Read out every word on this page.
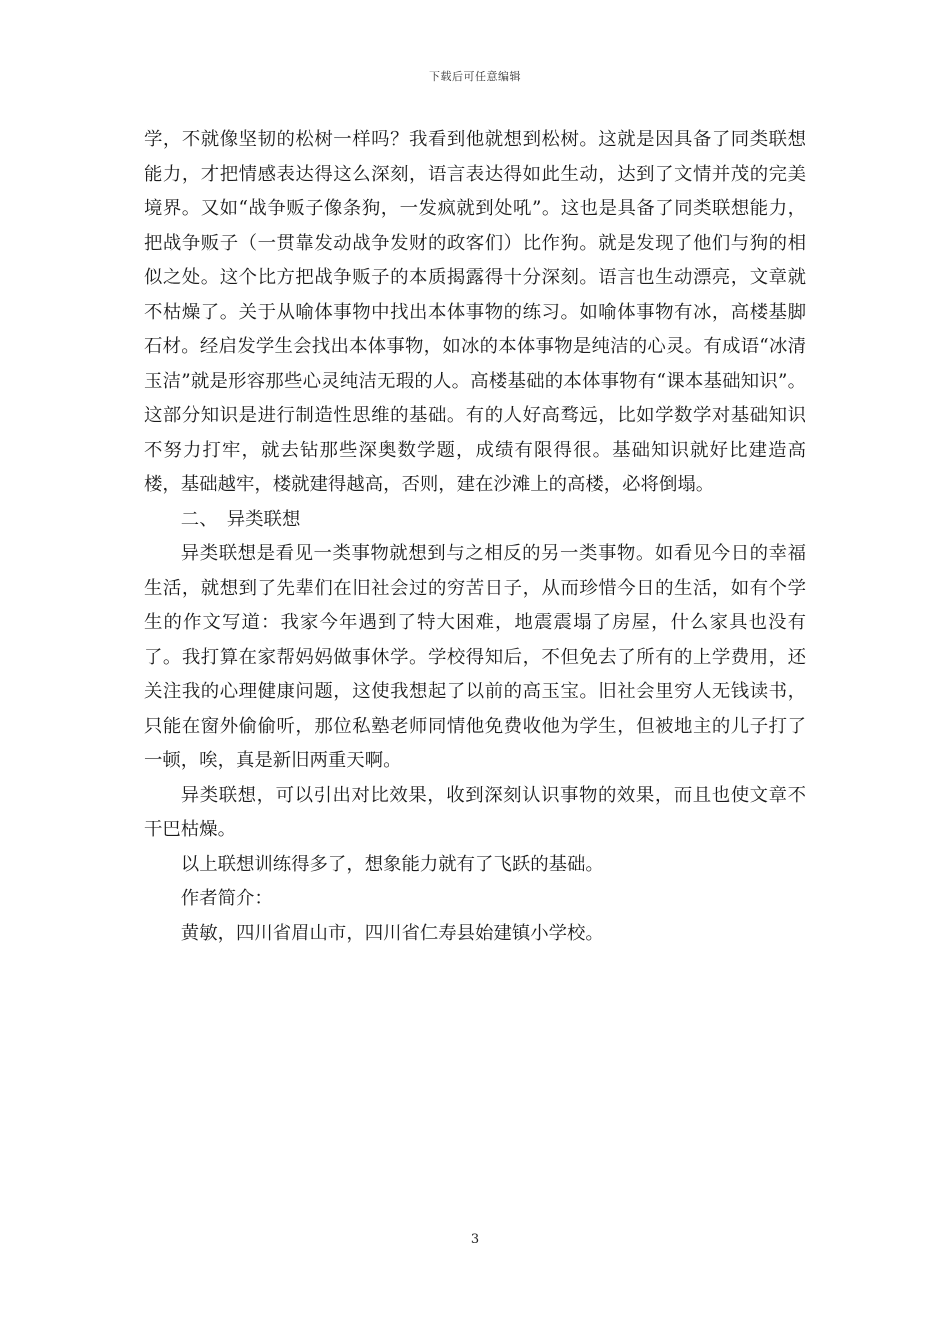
下载后可任意编辑

学，不就像坚韧的松树一样吗？我看到他就想到松树。这就是因具备了同类联想能力，才把情感表达得这么深刻，语言表达得如此生动，达到了文情并茂的完美境界。又如“战争贩子像条狗，一发疯就到处吼”。这也是具备了同类联想能力，把战争贩子（一贯靠发动战争发财的政客们）比作狗。就是发现了他们与狗的相似之处。这个比方把战争贩子的本质揭露得十分深刻。语言也生动漂亮，文章就不枯燥了。关于从喻体事物中找出本体事物的练习。如喻体事物有冰，高楼基脚石材。经启发学生会找出本体事物，如冰的本体事物是纯洁的心灵。有成语“冰清玉洁”就是形容那些心灵纯洁无瑕的人。高楼基础的本体事物有“课本基础知识”。这部分知识是进行制造性思维的基础。有的人好高骛远，比如学数学对基础知识不努力打牢，就去钻那些深奥数学题，成绩有限得很。基础知识就好比建造高楼，基础越牢，楼就建得越高，否则，建在沙滩上的高楼，必将倒塌。

二、　异类联想

异类联想是看见一类事物就想到与之相反的另一类事物。如看见今日的幸福生活，就想到了先辈们在旧社会过的穷苦日子，从而珍惜今日的生活，如有个学生的作文写道：我家今年遇到了特大困难，地震震塌了房屋，什么家具也没有了。我打算在家帮妈妈做事休学。学校得知后，不但免去了所有的上学费用，还关注我的心理健康问题，这使我想起了以前的高玉宝。旧社会里穷人无钱读书，只能在窗外偷偷听，那位私塾老师同情他免费收他为学生，但被地主的儿子打了一顿，唉，真是新旧两重天啊。

异类联想，可以引出对比效果，收到深刻认识事物的效果，而且也使文章不干巴枯燥。

以上联想训练得多了，想象能力就有了飞跃的基础。

作者简介：

黄敏，四川省眉山市，四川省仁寿县始建镇小学校。

3
